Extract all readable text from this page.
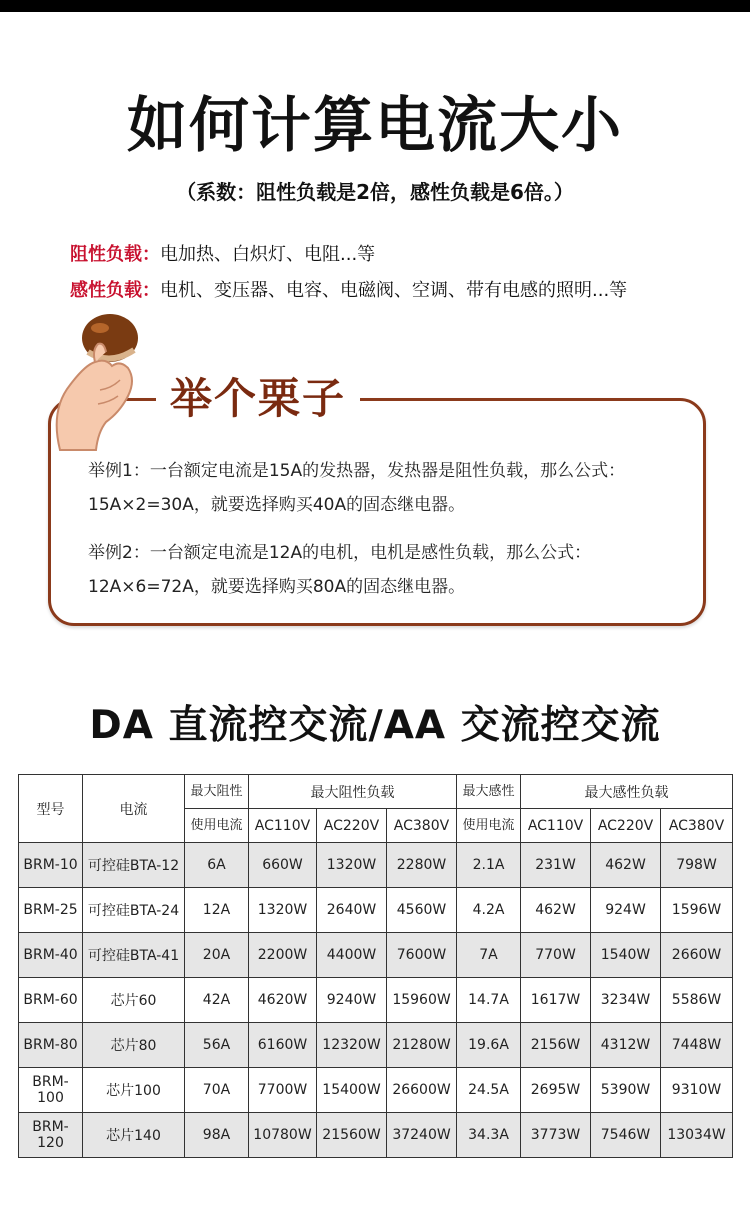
如何计算电流大小
（系数：阻性负载是2倍，感性负载是6倍。）
阻性负载：电加热、白炽灯、电阻...等
感性负载：电机、变压器、电容、电磁阀、空调、带有电感的照明...等
举个栗子
举例1：一台额定电流是15A的发热器，发热器是阻性负载，那么公式：
15A×2=30A，就要选择购买40A的固态继电器。
举例2：一台额定电流是12A的电机，电机是感性负载，那么公式：
12A×6=72A，就要选择购买80A的固态继电器。
DA 直流控交流/AA 交流控交流
型号	电流	最大阻性	最大阻性负载			最大感性	最大感性负载		
		使用电流	AC110V	AC220V	AC380V	使用电流	AC110V	AC220V	AC380V
BRM-10	可控硅BTA-12	6A	660W	1320W	2280W	2.1A	231W	462W	798W
BRM-25	可控硅BTA-24	12A	1320W	2640W	4560W	4.2A	462W	924W	1596W
BRM-40	可控硅BTA-41	20A	2200W	4400W	7600W	7A	770W	1540W	2660W
BRM-60	芯片60	42A	4620W	9240W	15960W	14.7A	1617W	3234W	5586W
BRM-80	芯片80	56A	6160W	12320W	21280W	19.6A	2156W	4312W	7448W
BRM-100	芯片100	70A	7700W	15400W	26600W	24.5A	2695W	5390W	9310W
BRM-120	芯片140	98A	10780W	21560W	37240W	34.3A	3773W	7546W	13034W
